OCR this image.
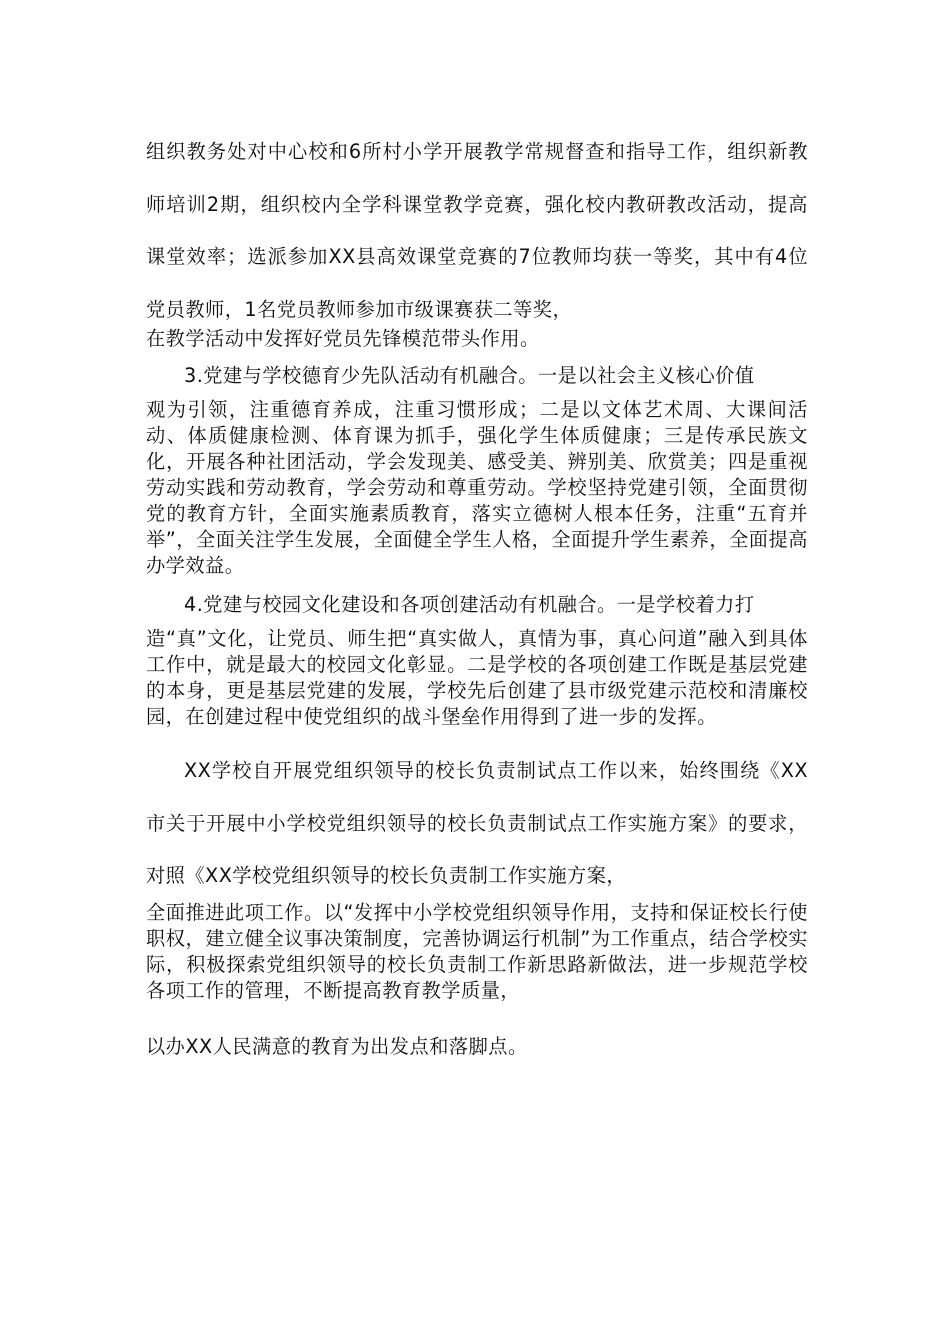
组织教务处对中心校和6所村小学开展教学常规督查和指导工作，组织新教师培训2期，组织校内全学科课堂教学竞赛，强化校内教研教改活动，提高课堂效率；选派参加XX县高效课堂竞赛的7位教师均获一等奖，其中有4位党员教师，1名党员教师参加市级课赛获二等奖，

在教学活动中发挥好党员先锋模范带头作用。

3.党建与学校德育少先队活动有机融合。一是以社会主义核心价值

观为引领，注重德育养成，注重习惯形成；二是以文体艺术周、大课间活动、体质健康检测、体育课为抓手，强化学生体质健康；三是传承民族文化，开展各种社团活动，学会发现美、感受美、辨别美、欣赏美；四是重视劳动实践和劳动教育，学会劳动和尊重劳动。学校坚持党建引领，全面贯彻党的教育方针，全面实施素质教育，落实立德树人根本任务，注重“五育并举”，全面关注学生发展，全面健全学生人格，全面提升学生素养，全面提高办学效益。

4.党建与校园文化建设和各项创建活动有机融合。一是学校着力打

造“真”文化，让党员、师生把“真实做人，真情为事，真心问道”融入到具体工作中，就是最大的校园文化彰显。二是学校的各项创建工作既是基层党建的本身，更是基层党建的发展，学校先后创建了县市级党建示范校和清廉校园，在创建过程中使党组织的战斗堡垒作用得到了进一步的发挥。

XX学校自开展党组织领导的校长负责制试点工作以来，始终围绕《XX市关于开展中小学校党组织领导的校长负责制试点工作实施方案》的要求，对照《XX学校党组织领导的校长负责制工作实施方案，

全面推进此项工作。以“发挥中小学校党组织领导作用，支持和保证校长行使职权，建立健全议事决策制度，完善协调运行机制”为工作重点，结合学校实际，积极探索党组织领导的校长负责制工作新思路新做法，进一步规范学校各项工作的管理，不断提高教育教学质量，

以办XX人民满意的教育为出发点和落脚点。
